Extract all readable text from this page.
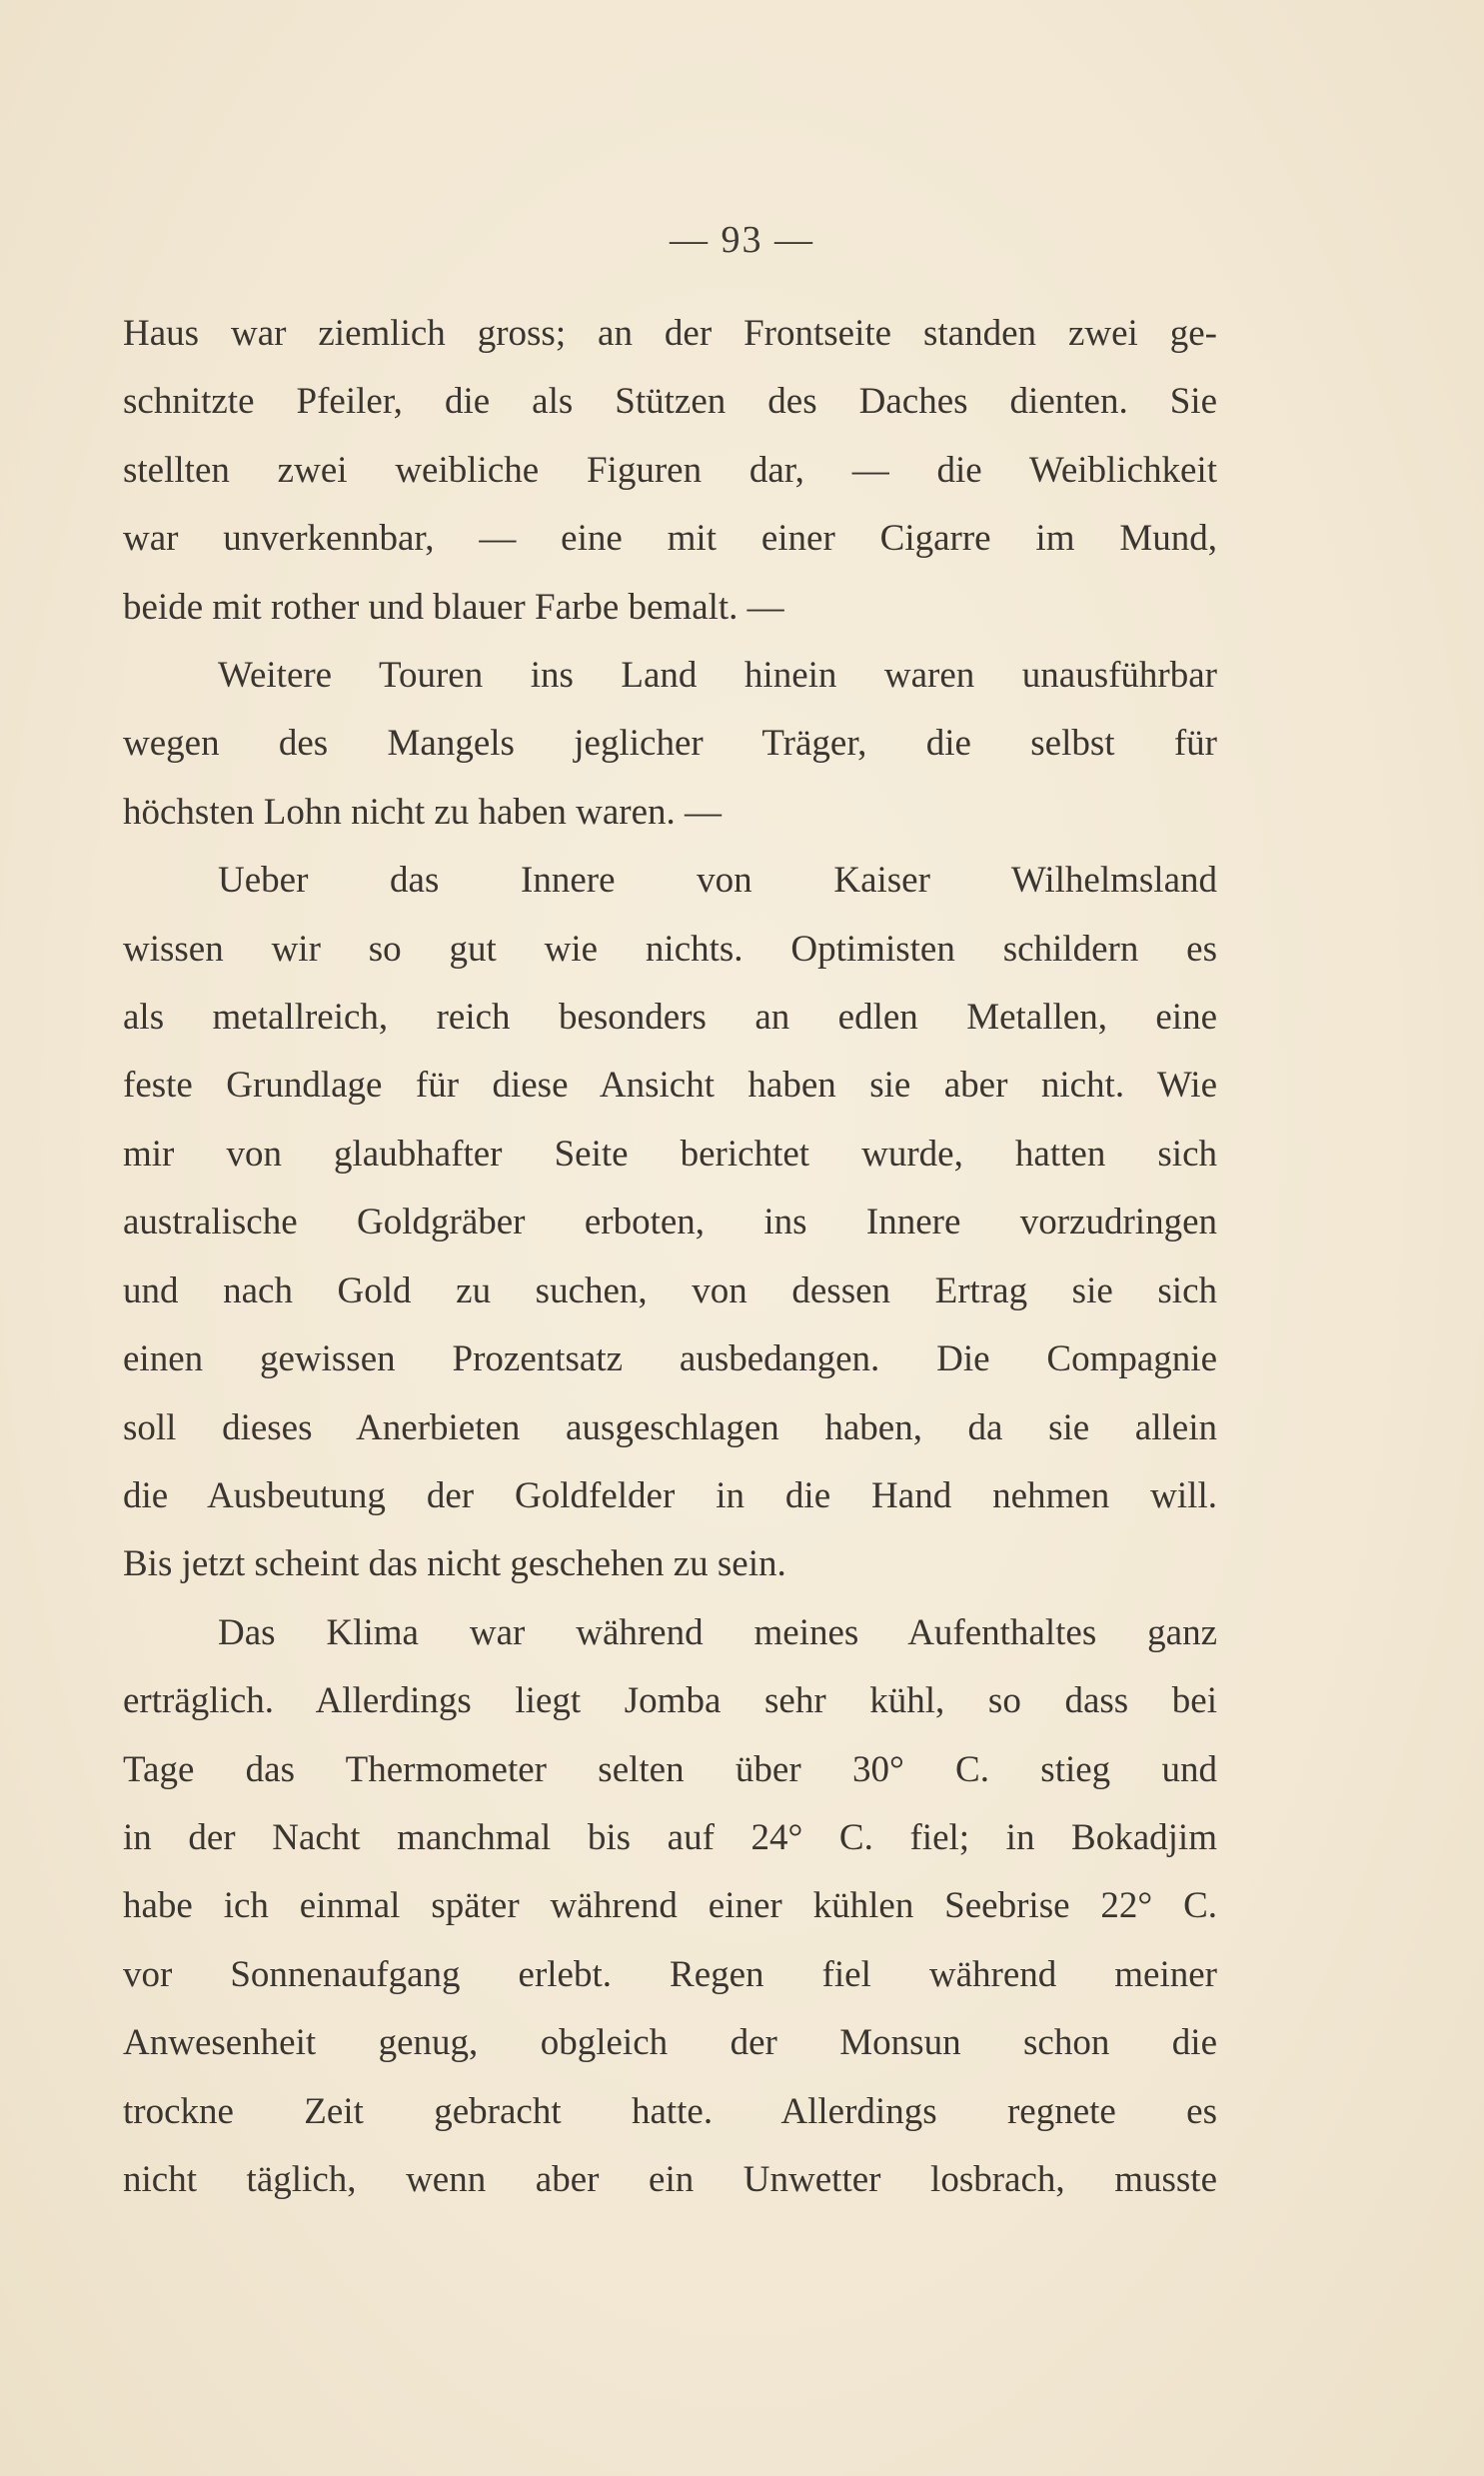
— 93 —

Haus war ziemlich gross; an der Frontseite standen zwei ge-
schnitzte Pfeiler, die als Stützen des Daches dienten. Sie
stellten zwei weibliche Figuren dar, — die Weiblichkeit
war unverkennbar, — eine mit einer Cigarre im Mund,
beide mit rother und blauer Farbe bemalt. —

Weitere Touren ins Land hinein waren unausführbar
wegen des Mangels jeglicher Träger, die selbst für
höchsten Lohn nicht zu haben waren. —

Ueber das Innere von Kaiser Wilhelmsland
wissen wir so gut wie nichts. Optimisten schildern es
als metallreich, reich besonders an edlen Metallen, eine
feste Grundlage für diese Ansicht haben sie aber nicht. Wie
mir von glaubhafter Seite berichtet wurde, hatten sich
australische Goldgräber erboten, ins Innere vorzudringen
und nach Gold zu suchen, von dessen Ertrag sie sich
einen gewissen Prozentsatz ausbedangen. Die Compagnie
soll dieses Anerbieten ausgeschlagen haben, da sie allein
die Ausbeutung der Goldfelder in die Hand nehmen will.
Bis jetzt scheint das nicht geschehen zu sein.

Das Klima war während meines Aufenthaltes ganz
erträglich. Allerdings liegt Jomba sehr kühl, so dass bei
Tage das Thermometer selten über 30° C. stieg und
in der Nacht manchmal bis auf 24° C. fiel; in Bokadjim
habe ich einmal später während einer kühlen Seebrise 22° C.
vor Sonnenaufgang erlebt. Regen fiel während meiner
Anwesenheit genug, obgleich der Monsun schon die
trockne Zeit gebracht hatte. Allerdings regnete es
nicht täglich, wenn aber ein Unwetter losbrach, musste
